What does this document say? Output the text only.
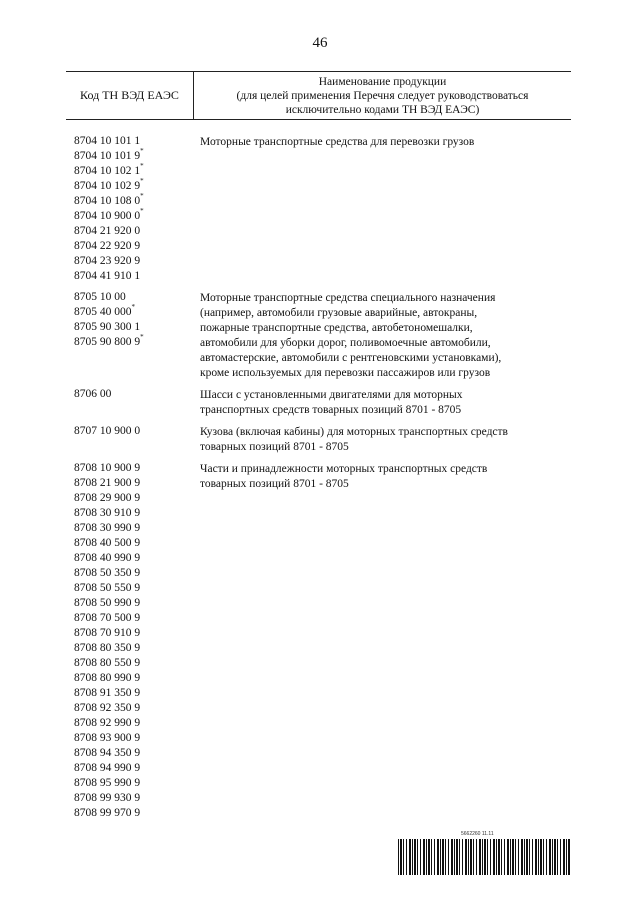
46
Код ТН ВЭД ЕАЭС
Наименование продукции
(для целей применения Перечня следует руководствоваться
исключительно кодами ТН ВЭД ЕАЭС)
8704 10 101 1
8704 10 101 9*
8704 10 102 1*
8704 10 102 9*
8704 10 108 0*
8704 10 900 0*
8704 21 920 0
8704 22 920 9
8704 23 920 9
8704 41 910 1
Моторные транспортные средства для перевозки грузов
8705 10 00
8705 40 000*
8705 90 300 1
8705 90 800 9*
Моторные транспортные средства специального назначения
(например, автомобили грузовые аварийные, автокраны,
пожарные транспортные средства, автобетономешалки,
автомобили для уборки дорог, поливомоечные автомобили,
автомастерские, автомобили с рентгеновскими установками),
кроме используемых для перевозки пассажиров или грузов
8706 00	Шасси с установленными двигателями для моторных
транспортных средств товарных позиций 8701 - 8705
8707 10 900 0	Кузова (включая кабины) для моторных транспортных средств
товарных позиций 8701 - 8705
8708 10 900 9
8708 21 900 9
8708 29 900 9
8708 30 910 9
8708 30 990 9
8708 40 500 9
8708 40 990 9
8708 50 350 9
8708 50 550 9
8708 50 990 9
8708 70 500 9
8708 70 910 9
8708 80 350 9
8708 80 550 9
8708 80 990 9
8708 91 350 9
8708 92 350 9
8708 92 990 9
8708 93 900 9
8708 94 350 9
8708 94 990 9
8708 95 990 9
8708 99 930 9
8708 99 970 9
Части и принадлежности моторных транспортных средств
товарных позиций 8701 - 8705
5662260 11.11
